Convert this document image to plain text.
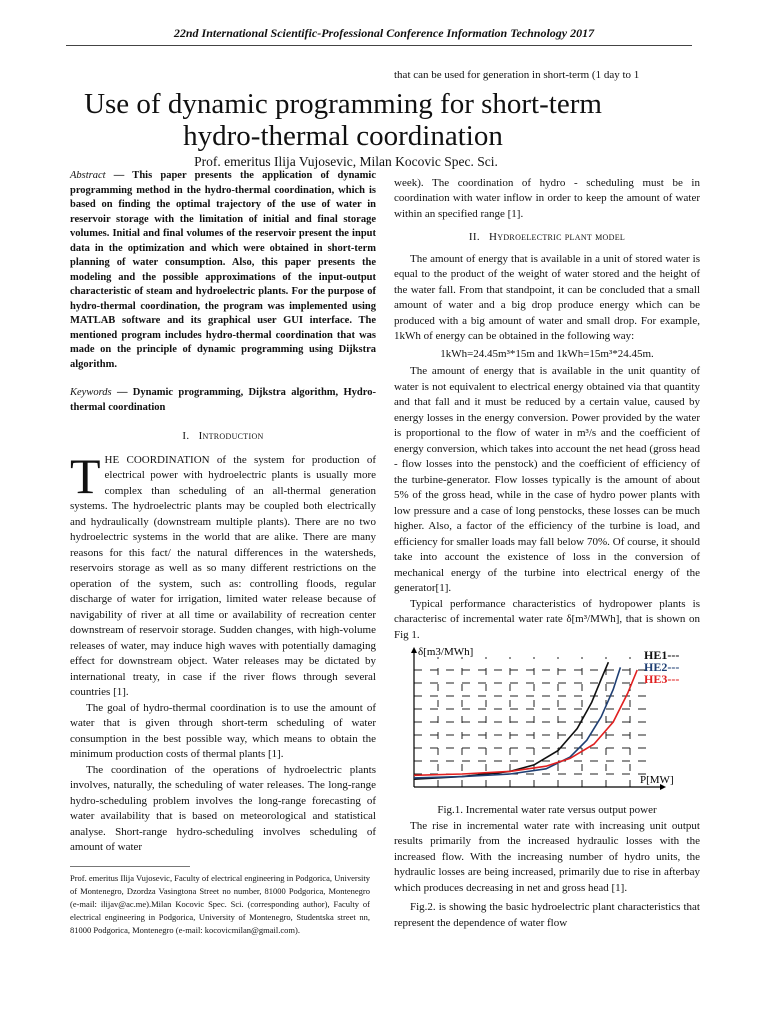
22nd International Scientific-Professional Conference Information Technology 2017
Use of dynamic programming for short-term hydro-thermal coordination
Prof. emeritus Ilija Vujosevic, Milan Kocovic Spec. Sci.

Abstract — This paper presents the application of dynamic programming method in the hydro-thermal coordination, which is based on finding the optimal trajectory of the use of water in reservoir storage with the limitation of initial and final storage volumes. Initial and final volumes of the reservoir present the input data in the optimization and which were obtained in short-term planning of water consumption. Also, this paper presents the modeling and the possible approximations of the input-output characteristic of steam and hydroelectric plants. For the purpose of hydro-thermal coordination, the program was implemented using MATLAB software and its graphical user GUI interface. The mentioned program includes hydro-thermal coordination that was made on the principle of dynamic programming using Dijkstra algorithm.

Keywords — Dynamic programming, Dijkstra algorithm, Hydro-thermal coordination

I. Introduction

THE COORDINATION of the system for production of electrical power with hydroelectric plants is usually more complex than scheduling of an all-thermal generation systems. The hydroelectric plants may be coupled both electrically and hydraulically (downstream multiple plants). There are no two hydroelectric systems in the world that are alike. There are many reasons for this fact/ the natural differences in the watersheds, reservoirs storage as well as so many different restrictions on the operation of the system, such as: controlling floods, regular discharge of water for irrigation, limited water release because of navigability of river at all time or availability of recreation center downstream of reservoir storage. Sudden changes, with high-volume releases of water, may induce high waves with potentially damaging effect for downstream object. Water releases may be dictated by international treaty, in case if the river flows through several countries [1].

The goal of hydro-thermal coordination is to use the amount of water that is given through short-term scheduling of water consumption in the best possible way, which means to obtain the minimum production costs of thermal plants [1].

The coordination of the operations of hydroelectric plants involves, naturally, the scheduling of water releases. The long-range hydro-scheduling problem involves the long-range forecasting of water availability that is based on meteorological and statistical analyse. Short-range hydro-scheduling involves scheduling of amount of water

Prof. emeritus Ilija Vujosevic, Faculty of electrical engineering in Podgorica, University of Montenegro, Dzordza Vasingtona Street no number, 81000 Podgorica, Montenegro (e-mail: ilijav@ac.me).Milan Kocovic Spec. Sci. (corresponding author), Faculty of electrical engineering in Podgorica, University of Montenegro, Studentska street nn, 81000 Podgorica, Montenegro (e-mail: kocovicmilan@gmail.com).

that can be used for generation in short-term (1 day to 1

week). The coordination of hydro - scheduling must be in coordination with water inflow in order to keep the amount of water within an specified range [1].

II. Hydroelectric plant model

The amount of energy that is available in a unit of stored water is equal to the product of the weight of water stored and the height of the water fall. From that standpoint, it can be concluded that a small amount of water and a big drop produce energy which can be produced with a big amount of water and small drop. For example, 1kWh of energy can be obtained in the following way:

1kWh=24.45m³*15m and 1kWh=15m³*24.45m.

The amount of energy that is available in the unit quantity of water is not equivalent to electrical energy obtained via that quantity and that fall and it must be reduced by a certain value, caused by energy losses in the energy conversion. Power provided by the water is proportional to the flow of water in m³/s and the coefficient of energy conversion, which takes into account the net head (gross head - flow losses into the penstock) and the coefficient of efficiency of the turbine-generator. Flow losses typically is the amount of about 5% of the gross head, while in the case of hydro power plants with low pressure and a case of long penstocks, these losses can be much higher. Also, a factor of the efficiency of the turbine is load, and efficiency for smaller loads may fall below 70%. Of course, it should take into account the existence of loss in the conversion of mechanical energy of the turbine into electrical energy of the generator[1].

Typical performance characteristics of hydropower plants is characterisc of incremental water rate δ[m³/MWh], that is shown on Fig 1.

δ[m3/MWh]
P[MW]
HE1---
HE2---
HE3---

Fig.1. Incremental water rate versus output power

The rise in incremental water rate with increasing unit output results primarily from the increased hydraulic losses with the increased flow. With the increasing number of hydro units, the hydraulic losses are being increased, primarily due to rise in afterbay which produces decreasing in net and gross head [1].

Fig.2. is showing the basic hydroelectric plant characteristics that represent the dependence of water flow
